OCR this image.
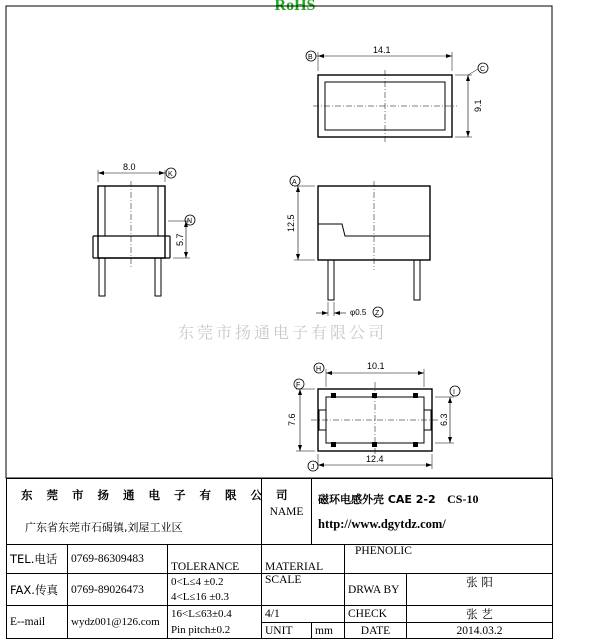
RoHS
14.1
9.1
B
C
8.0
5.7
K
N	12.5
φ0.5
A
Z
10.1
12.4
7.6	6.3
H
F
I
J
东莞市扬通电子有限公司
东 莞 市 扬 通 电 子 有 限 公 司			NAME	磁环电感外壳 CAE 2-2 CS-10
http://www.dgytdz.com/		
广东省东莞市石碣镇,刘屋工业区						
TEL.电话	0769-86309483	TOLERANCE	MATERIAL		PHENOLIC	
FAX.传真	0769-89026473	0<L≤4 ±0.2	SCALE		DRWA BY	张 阳
		4<L≤16 ±0.3				
E--mail	wydz001@126.com	16<L≤63±0.4	4/1		CHECK	张 艺
		Pin pitch±0.2	UNIT	mm	DATE	2014.03.2
